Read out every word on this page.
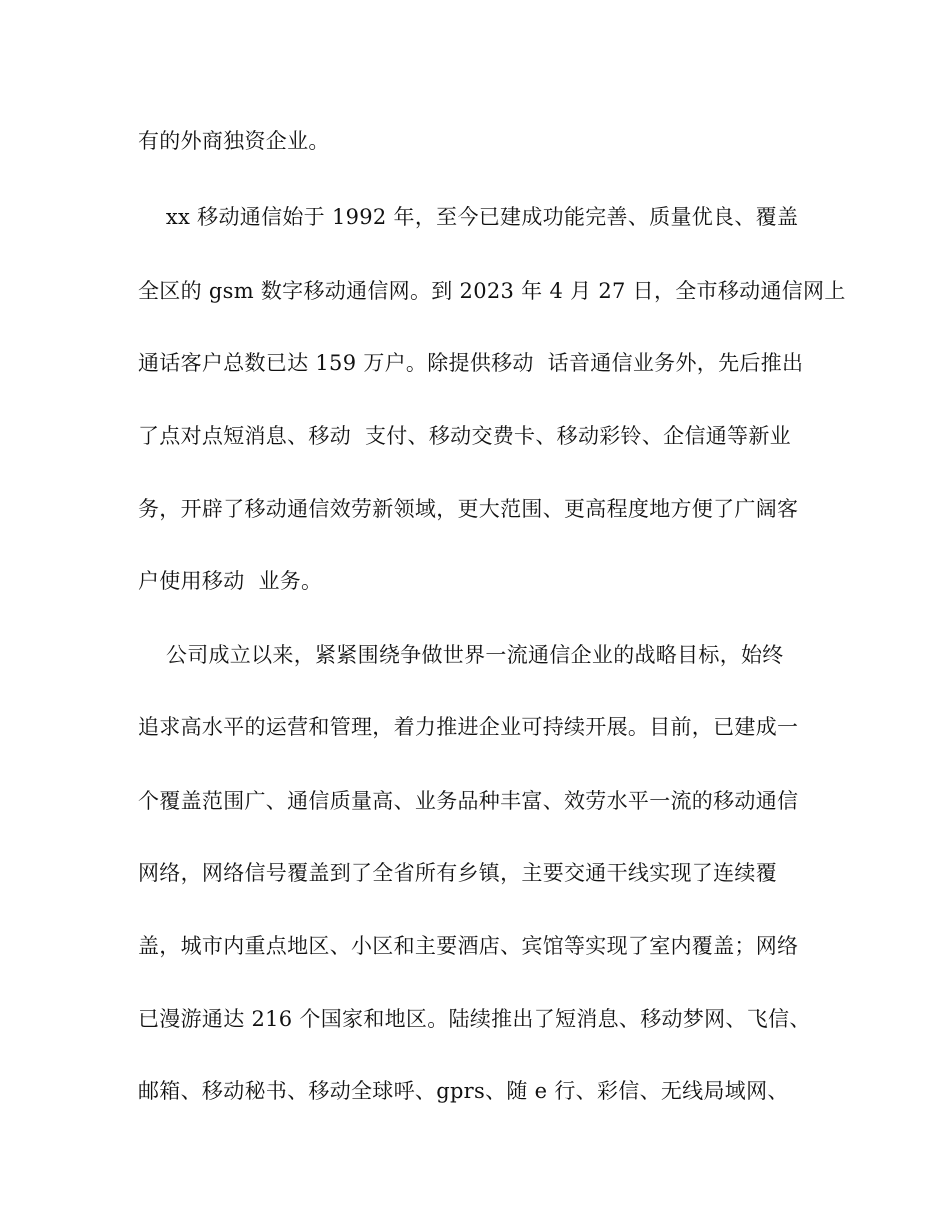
有的外商独资企业。
xx 移动通信始于 1992 年，至今已建成功能完善、质量优良、覆盖
全区的 gsm 数字移动通信网。到 2023 年 4 月 27 日，全市移动通信网上
通话客户总数已达 159 万户。除提供移动  话音通信业务外，先后推出
了点对点短消息、移动  支付、移动交费卡、移动彩铃、企信通等新业
务，开辟了移动通信效劳新领域，更大范围、更高程度地方便了广阔客
户使用移动  业务。
公司成立以来，紧紧围绕争做世界一流通信企业的战略目标，始终
追求高水平的运营和管理，着力推进企业可持续开展。目前，已建成一
个覆盖范围广、通信质量高、业务品种丰富、效劳水平一流的移动通信
网络，网络信号覆盖到了全省所有乡镇，主要交通干线实现了连续覆
盖，城市内重点地区、小区和主要酒店、宾馆等实现了室内覆盖；网络
已漫游通达 216 个国家和地区。陆续推出了短消息、移动梦网、飞信、
邮箱、移动秘书、移动全球呼、gprs、随 e 行、彩信、无线局域网、
